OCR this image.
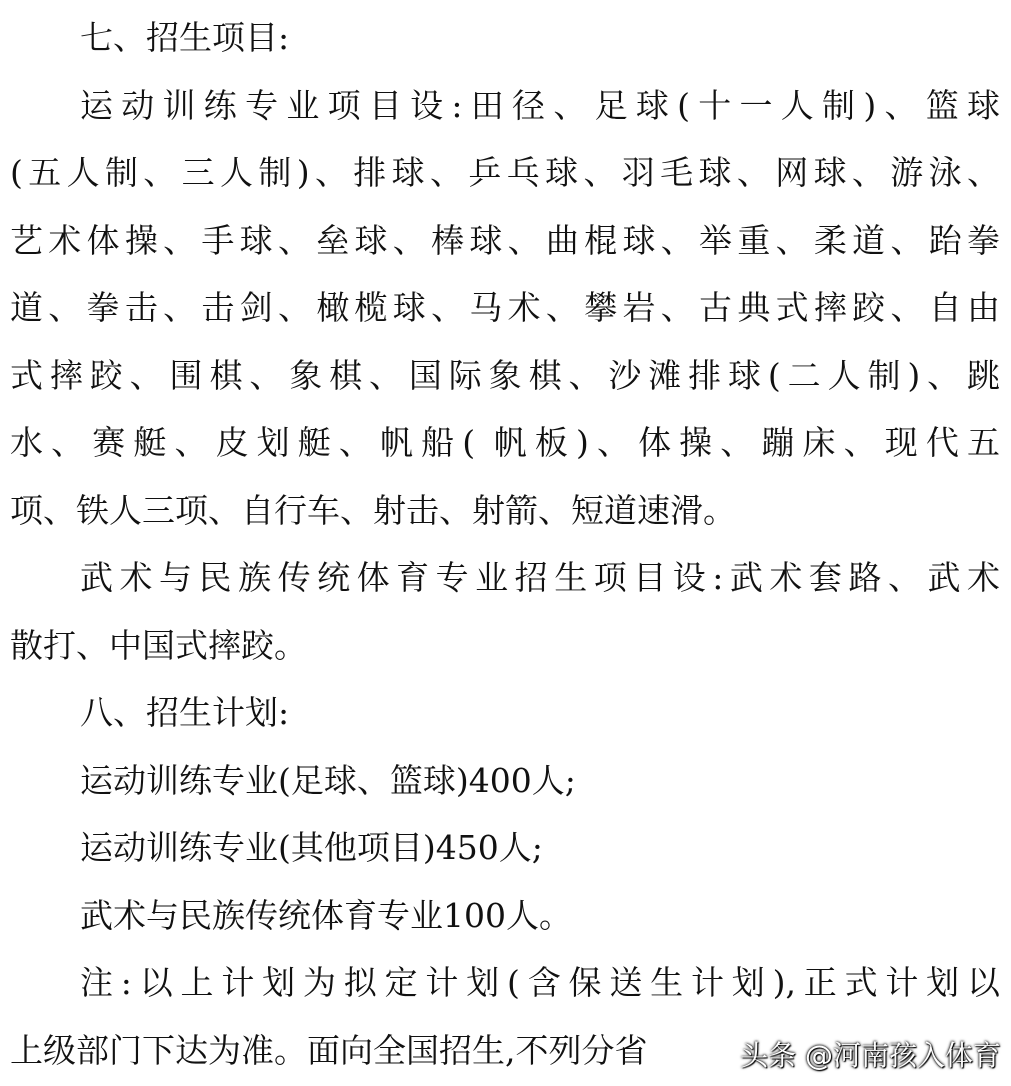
七、招生项目:
运动训练专业项目设:田径、足球(十一人制)、篮球
(五人制、三人制)、排球、乒乓球、羽毛球、网球、游泳、
艺术体操、手球、垒球、棒球、曲棍球、举重、柔道、跆拳
道、拳击、击剑、橄榄球、马术、攀岩、古典式摔跤、自由
式摔跤、围棋、象棋、国际象棋、沙滩排球(二人制)、跳
水、赛艇、皮划艇、帆船( 帆板)、体操、蹦床、现代五
项、铁人三项、自行车、射击、射箭、短道速滑。
武术与民族传统体育专业招生项目设:武术套路、武术
散打、中国式摔跤。
八、招生计划:
运动训练专业(足球、篮球)400人;
运动训练专业(其他项目)450人;
武术与民族传统体育专业100人。
注:以上计划为拟定计划(含保送生计划),正式计划以
上级部门下达为准。面向全国招生,不列分省	头条 @河南孩入体育
